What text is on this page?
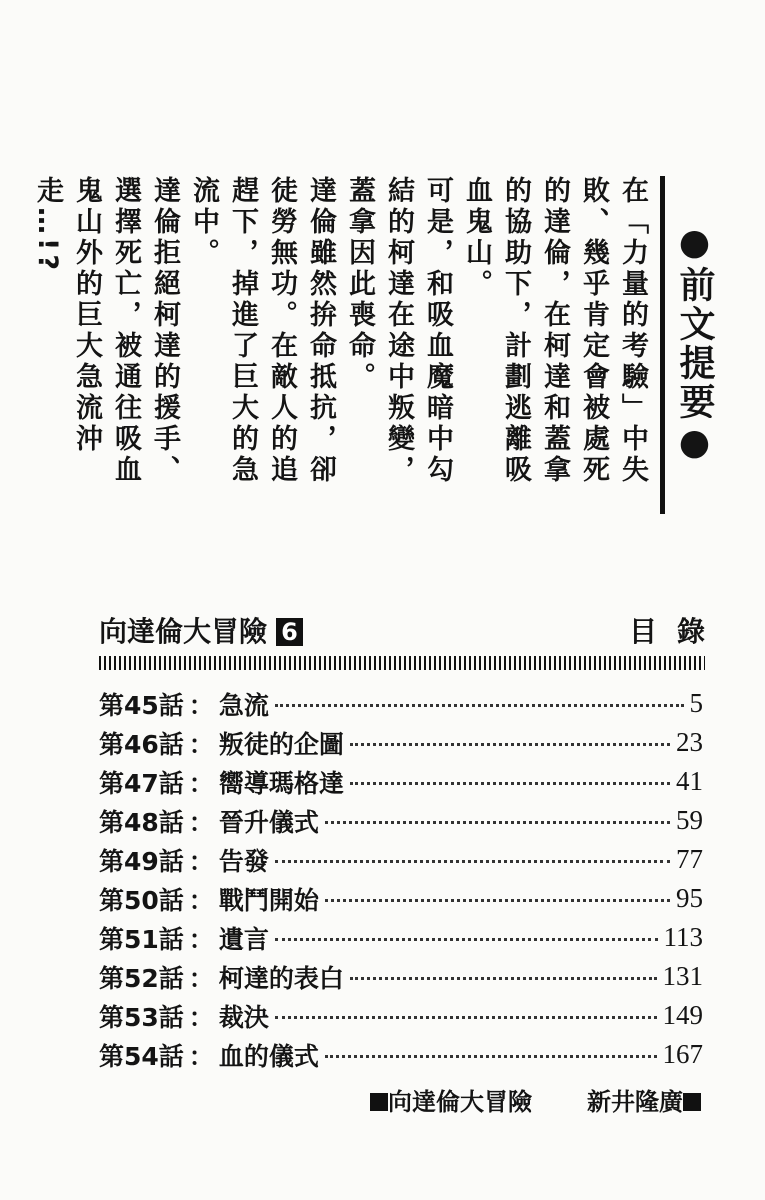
●前文提要●

在「力量的考驗」中失敗、幾乎肯定會被處死的達倫，在柯達和蓋拿的協助下，計劃逃離吸血鬼山。

可是，和吸血魔暗中勾結的柯達在途中叛變，蓋拿因此喪命。

達倫雖然拚命抵抗，卻徒勞無功。在敵人的追趕下，掉進了巨大的急流中。

達倫拒絕柯達的援手、選擇死亡，被通往吸血鬼山外的巨大急流沖走…!?

向達倫大冒險 6	目錄
第45話 ： 急流	5
第46話 ： 叛徒的企圖	23
第47話 ： 嚮導瑪格達	41
第48話 ： 晉升儀式	59
第49話 ： 告發	77
第50話 ： 戰鬥開始	95
第51話 ： 遺言	113
第52話 ： 柯達的表白	131
第53話 ： 裁決	149
第54話 ： 血的儀式	167
向達倫大冒險 新井隆廣
